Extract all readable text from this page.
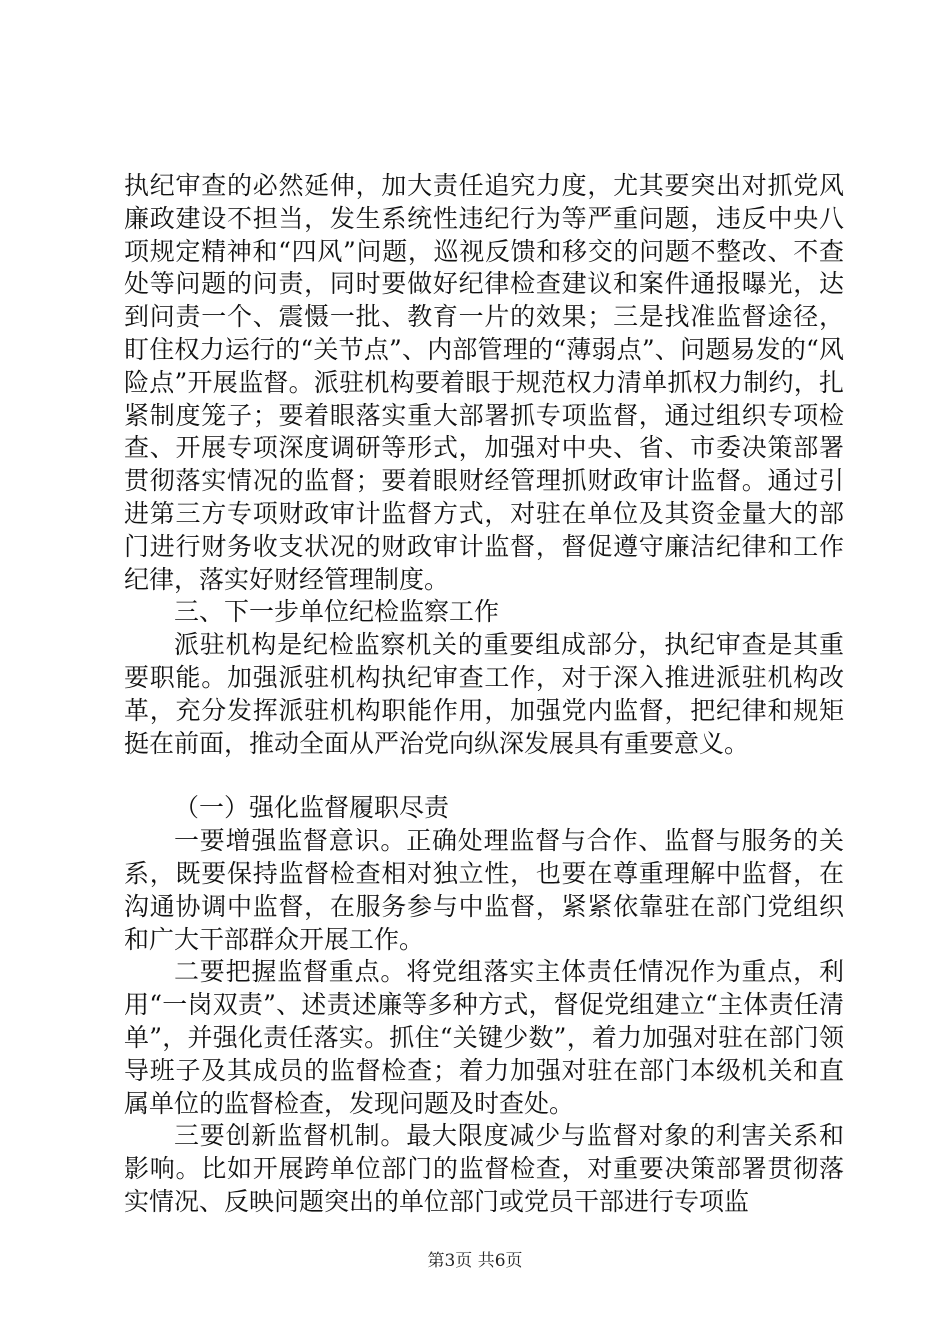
执纪审查的必然延伸，加大责任追究力度，尤其要突出对抓党风廉政建设不担当，发生系统性违纪行为等严重问题，违反中央八项规定精神和“四风”问题，巡视反馈和移交的问题不整改、不查处等问题的问责，同时要做好纪律检查建议和案件通报曝光，达到问责一个、震慑一批、教育一片的效果；三是找准监督途径，盯住权力运行的“关节点”、内部管理的“薄弱点”、问题易发的“风险点”开展监督。派驻机构要着眼于规范权力清单抓权力制约，扎紧制度笼子；要着眼落实重大部署抓专项监督，通过组织专项检查、开展专项深度调研等形式，加强对中央、省、市委决策部署贯彻落实情况的监督；要着眼财经管理抓财政审计监督。通过引进第三方专项财政审计监督方式，对驻在单位及其资金量大的部门进行财务收支状况的财政审计监督，督促遵守廉洁纪律和工作纪律，落实好财经管理制度。

三、下一步单位纪检监察工作

派驻机构是纪检监察机关的重要组成部分，执纪审查是其重要职能。加强派驻机构执纪审查工作，对于深入推进派驻机构改革，充分发挥派驻机构职能作用，加强党内监督，把纪律和规矩挺在前面，推动全面从严治党向纵深发展具有重要意义。

（一）强化监督履职尽责

一要增强监督意识。正确处理监督与合作、监督与服务的关系，既要保持监督检查相对独立性，也要在尊重理解中监督，在沟通协调中监督，在服务参与中监督，紧紧依靠驻在部门党组织和广大干部群众开展工作。

二要把握监督重点。将党组落实主体责任情况作为重点，利用“一岗双责”、述责述廉等多种方式，督促党组建立“主体责任清单”，并强化责任落实。抓住“关键少数”，着力加强对驻在部门领导班子及其成员的监督检查；着力加强对驻在部门本级机关和直属单位的监督检查，发现问题及时查处。

三要创新监督机制。最大限度减少与监督对象的利害关系和影响。比如开展跨单位部门的监督检查，对重要决策部署贯彻落实情况、反映问题突出的单位部门或党员干部进行专项监

第3页 共6页
